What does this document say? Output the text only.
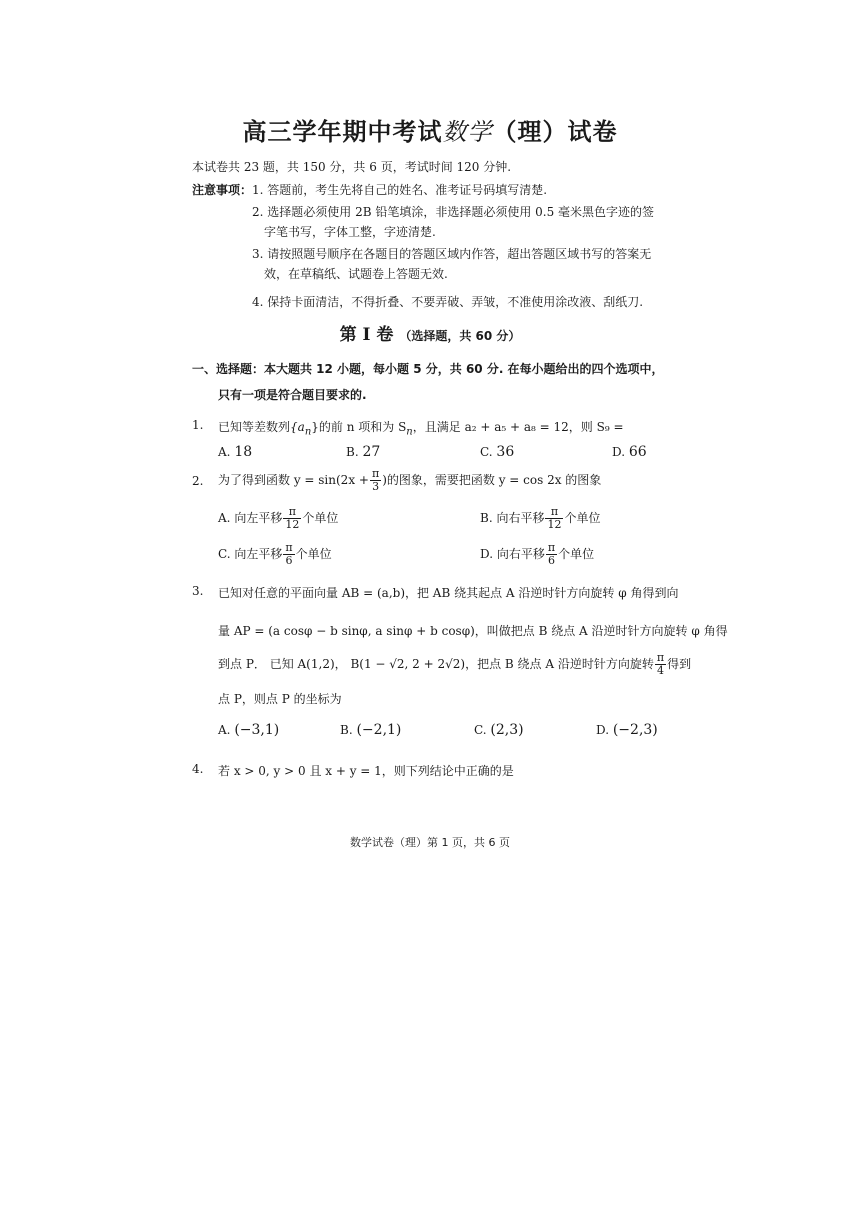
高三学年期中考试数学（理）试卷
本试卷共 23 题，共 150 分，共 6 页，考试时间 120 分钟.
注意事项： 1. 答题前，考生先将自己的姓名、准考证号码填写清楚.
2. 选择题必须使用 2B 铅笔填涂，非选择题必须使用 0.5 毫米黑色字迹的签
字笔书写，字体工整，字迹清楚.
3. 请按照题号顺序在各题目的答题区域内作答，超出答题区域书写的答案无
效，在草稿纸、试题卷上答题无效.
4. 保持卡面清洁，不得折叠、不要弄破、弄皱，不准使用涂改液、刮纸刀.
第 I 卷 （选择题，共 60 分）
一、选择题：本大题共 12 小题，每小题 5 分，共 60 分. 在每小题给出的四个选项中，
只有一项是符合题目要求的.
1. 已知等差数列$\{a_n\}$的前 n 项和为 $S_n$，且满足 a₂ + a₅ + a₈ = 12，则 S₉ =
A. 18	B. 27	C. 36	D. 66
2. 为了得到函数 $y = \sin(2x + \frac{\pi}{3}$ )的图象，需要把函数 y = cos 2x 的图象
A. 向左平移 $\frac{\pi}{12}$ 个单位	B. 向右平移 $\frac{\pi}{12}$ 个单位
C. 向左平移 $\frac{\pi}{6}$ 个单位	D. 向右平移 $\frac{\pi}{6}$ 个单位
3. 已知对任意的平面向量 AB = (a,b)，把 AB 绕其起点 A 沿逆时针方向旋转 φ 角得到向
量 AP = (a cosφ − b sinφ, a sinφ + b cosφ)，叫做把点 B 绕点 A 沿逆时针方向旋转 φ 角得
到点 P． 已知 A(1,2)， B(1 − √2, 2 + 2√2)，把点 B 绕点 A 沿逆时针方向旋转 $\frac{\pi}{4}$ 得到
点 P，则点 P 的坐标为
A. (−3,1)	B. (−2,1)	C. (2,3)	D. (−2,3)
4. 若 x > 0, y > 0 且 x + y = 1，则下列结论中正确的是
数学试卷（理）第 1 页，共 6 页
